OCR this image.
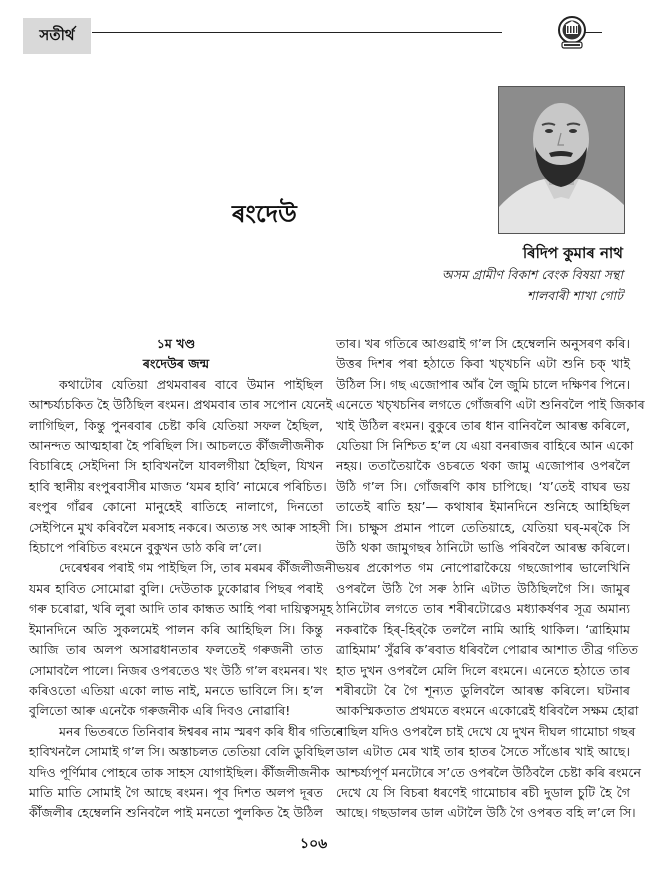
সতীৰ্থ
ৰংদেউ
ৰিদিপ কুমাৰ নাথ
অসম গ্ৰামীণ বিকাশ বেংক বিষয়া সন্থা
শালবাৰী শাখা গোট
১ম খণ্ড
ৰংদেউৰ জন্ম
কথাটোৰ যেতিয়া প্ৰথমবাৰৰ বাবে উমান পাইছিল
আশ্চৰ্য্যচকিত হৈ উঠিছিল ৰংমন। প্ৰথমবাৰ তাৰ সপোন যেনেই
লাগিছিল, কিন্তু পুনৰবাৰ চেষ্টা কৰি যেতিয়া সফল হৈছিল,
আনন্দত আত্মহাৰা হৈ পৰিছিল সি। আচলতে কীঁজলীজনীক
বিচাৰিহে সেইদিনা সি হাবিখনলৈ যাবলগীয়া হৈছিল, যিখন
হাবি স্থানীয় ৰংপুৰবাসীৰ মাজত ‘যমৰ হাবি’ নামেৰে পৰিচিত।
ৰংপুৰ গাঁৱৰ কোনো মানুহেই ৰাতিহে নালাগে, দিনতো
সেইপিনে মুখ কৰিবলৈ মৰসাহ নকৰে। অত্যন্ত সৎ আৰু সাহসী
হিচাপে পৰিচিত ৰংমনে বুকুখন ডাঠ কৰি ল’লে।
দেৰেশ্বৰৰ পৰাই গম পাইছিল সি, তাৰ মৰমৰ কীঁজলীজনী
যমৰ হাবিত সোমোৱা বুলি। দেউতাক ঢুকোৱাৰ পিছৰ পৰাই
গৰু চৰোৱা, খৰি লুৰা আদি তাৰ কান্ধত আহি পৰা দায়িত্বসমূহ
ইমানদিনে অতি সুকলমেই পালন কৰি আহিছিল সি। কিন্তু
আজি তাৰ অলপ অসাৱধানতাৰ ফলতেই গৰুজনী তাত
সোমাবলৈ পালে। নিজৰ ওপৰতেও খং উঠি গ’ল ৰংমনৰ। খং
কৰিওতো এতিয়া একো লাভ নাই, মনতে ভাবিলে সি। হ’ল
বুলিতো আৰু এনেকৈ গৰুজনীক এৰি দিবও নোৱাৰি!
মনৰ ভিতৰতে তিনিবাৰ ঈশ্বৰৰ নাম স্মৰণ কৰি ধীৰ গতিৰে
হাবিখনলৈ সোমাই গ’ল সি। অস্তাচলত তেতিয়া বেলি ডুবিছিল
যদিও পূৰ্ণিমাৰ পোহৰে তাক সাহস যোগাইছিল। কীঁজলীজনীক
মাতি মাতি সোমাই গৈ আছে ৰংমন। পূব দিশত অলপ দূৰত
কীঁজলীৰ হেম্বেলনি শুনিবলৈ পাই মনতো পুলকিত হৈ উঠিল
তাৰ। খৰ গতিৰে আগুৱাই গ’ল সি হেম্বেলনি অনুসৰণ কৰি।
উত্তৰ দিশৰ পৰা হঠাতে কিবা খচ্‌খচনি এটা শুনি চক্‌ খাই
উঠিল সি। গছ এজোপাৰ আঁৰ লৈ জুমি চালে দক্ষিণৰ পিনে।
এনেতে খচ্‌খচনিৰ লগতে গোঁজৰণি এটা শুনিবলৈ পাই জিকাৰ
খাই উঠিল ৰংমন। বুকুৰে তাৰ ধান বানিবলৈ আৰম্ভ কৰিলে,
যেতিয়া সি নিশ্চিত হ’ল যে এয়া বনৰাজৰ বাহিৰে আন একো
নহয়। ততাতৈয়াকৈ ওচৰতে থকা জামু এজোপাৰ ওপৰলৈ
উঠি গ’ল সি। গোঁজৰণি কাষ চাপিছে। ‘য’তেই বাঘৰ ভয়
তাতেই ৰাতি হয়’— কথাষাৰ ইমানদিনে শুনিহে আহিছিল
সি। চাক্ষুস প্ৰমান পালে তেতিয়াহে, যেতিয়া ঘৰ্‌-মৰ্‌কৈ সি
উঠি থকা জামুগছৰ ঠানিটো ভাঙি পৰিবলৈ আৰম্ভ কৰিলে।
ভয়ৰ প্ৰকোপত গম নোপোৱাকৈয়ে গছজোপাৰ ভালেখিনি
ওপৰলৈ উঠি গৈ সৰু ঠানি এটাত উঠিছিলগৈ সি। জামুৰ
ঠানিটোৰ লগতে তাৰ শৰীৰটোৱেও মধ্যাকৰ্ষণৰ সূত্ৰ অমান্য
নকৰাকৈ হিৰ্‌-হিৰ্‌কৈ তললৈ নামি আহি থাকিল। ‘ত্ৰাহিমাম
ত্ৰাহিমাম’ সুঁৱৰি ক’ৰবাত ধৰিবলৈ পোৱাৰ আশাত তীব্ৰ গতিত
হাত দুখন ওপৰলৈ মেলি দিলে ৰংমনে। এনেতে হঠাতে তাৰ
শৰীৰটো ৰৈ গৈ শূন্যত ডুলিবলৈ আৰম্ভ কৰিলে। ঘটনাৰ
আকস্মিকতাত প্ৰথমতে ৰংমনে একোৱেই ধৰিবলৈ সক্ষম হোৱা
নাছিল যদিও ওপৰলৈ চাই দেখে যে দুখন দীঘল গামোচা গছৰ
ডাল এটাত মেৰ খাই তাৰ হাতৰ সৈতে সাঁঙোৰ খাই আছে।
আশ্চৰ্য্যপূৰ্ণ মনটোৰে স’তে ওপৰলৈ উঠিবলৈ চেষ্টা কৰি ৰংমনে
দেখে যে সি বিচৰা ধৰণেই গামোচাৰ ৰচী দুডাল চুটি হৈ গৈ
আছে। গছডালৰ ডাল এটালৈ উঠি গৈ ওপৰত বহি ল’লে সি।
১০৬
